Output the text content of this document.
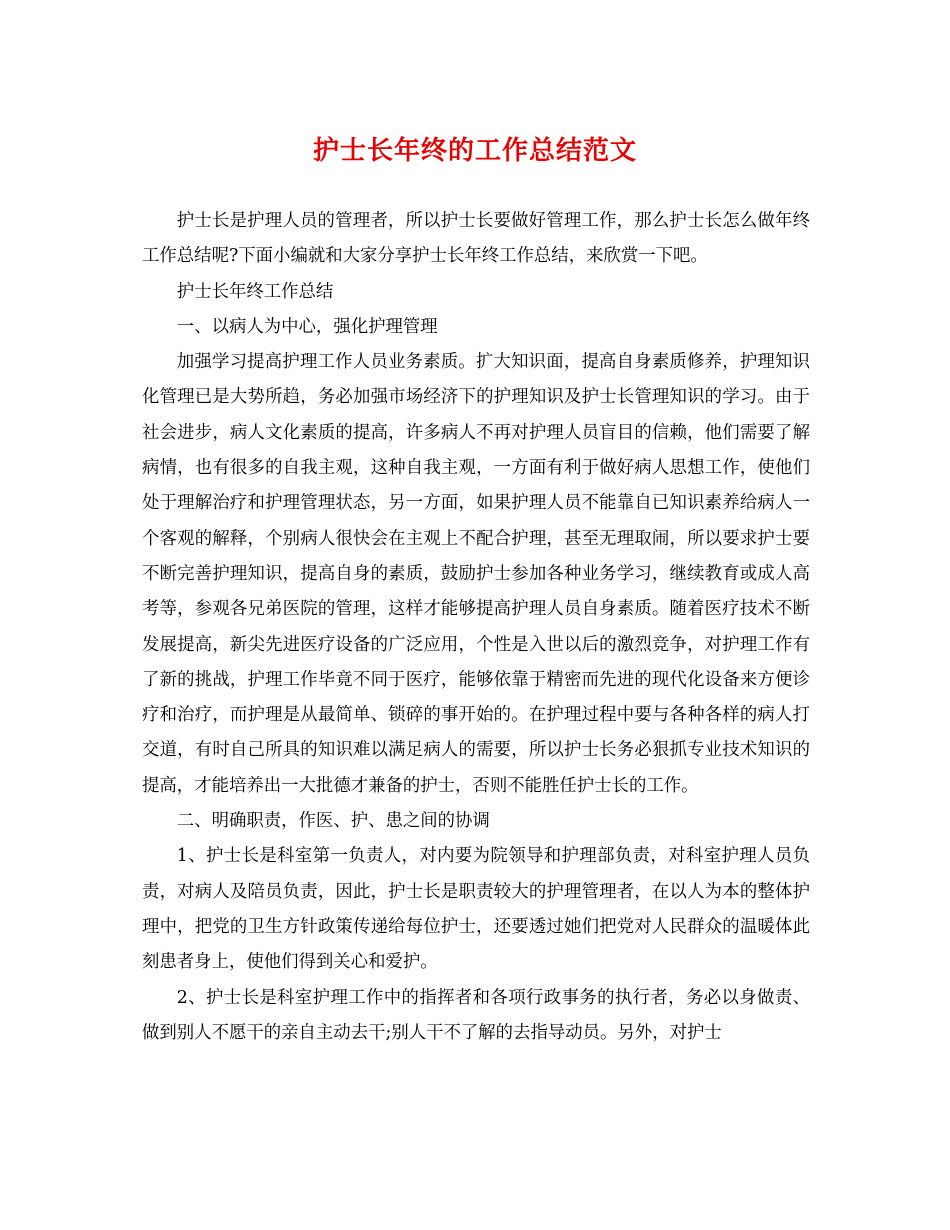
护士长年终的工作总结范文

护士长是护理人员的管理者，所以护士长要做好管理工作，那么护士长怎么做年终工作总结呢?下面小编就和大家分享护士长年终工作总结，来欣赏一下吧。

护士长年终工作总结

一、以病人为中心，强化护理管理

加强学习提高护理工作人员业务素质。扩大知识面，提高自身素质修养，护理知识化管理已是大势所趋，务必加强市场经济下的护理知识及护士长管理知识的学习。由于社会进步，病人文化素质的提高，许多病人不再对护理人员盲目的信赖，他们需要了解病情，也有很多的自我主观，这种自我主观，一方面有利于做好病人思想工作，使他们处于理解治疗和护理管理状态，另一方面，如果护理人员不能靠自已知识素养给病人一个客观的解释，个别病人很快会在主观上不配合护理，甚至无理取闹，所以要求护士要不断完善护理知识，提高自身的素质，鼓励护士参加各种业务学习，继续教育或成人高考等，参观各兄弟医院的管理，这样才能够提高护理人员自身素质。随着医疗技术不断发展提高，新尖先进医疗设备的广泛应用，个性是入世以后的激烈竞争，对护理工作有了新的挑战，护理工作毕竟不同于医疗，能够依靠于精密而先进的现代化设备来方便诊疗和治疗，而护理是从最简单、锁碎的事开始的。在护理过程中要与各种各样的病人打交道，有时自己所具的知识难以满足病人的需要，所以护士长务必狠抓专业技术知识的提高，才能培养出一大批德才兼备的护士，否则不能胜任护士长的工作。

二、明确职责，作医、护、患之间的协调

1、护士长是科室第一负责人，对内要为院领导和护理部负责，对科室护理人员负责，对病人及陪员负责，因此，护士长是职责较大的护理管理者，在以人为本的整体护理中，把党的卫生方针政策传递给每位护士，还要透过她们把党对人民群众的温暖体此刻患者身上，使他们得到关心和爱护。

2、护士长是科室护理工作中的指挥者和各项行政事务的执行者，务必以身做责、做到别人不愿干的亲自主动去干;别人干不了解的去指导动员。另外，对护士
